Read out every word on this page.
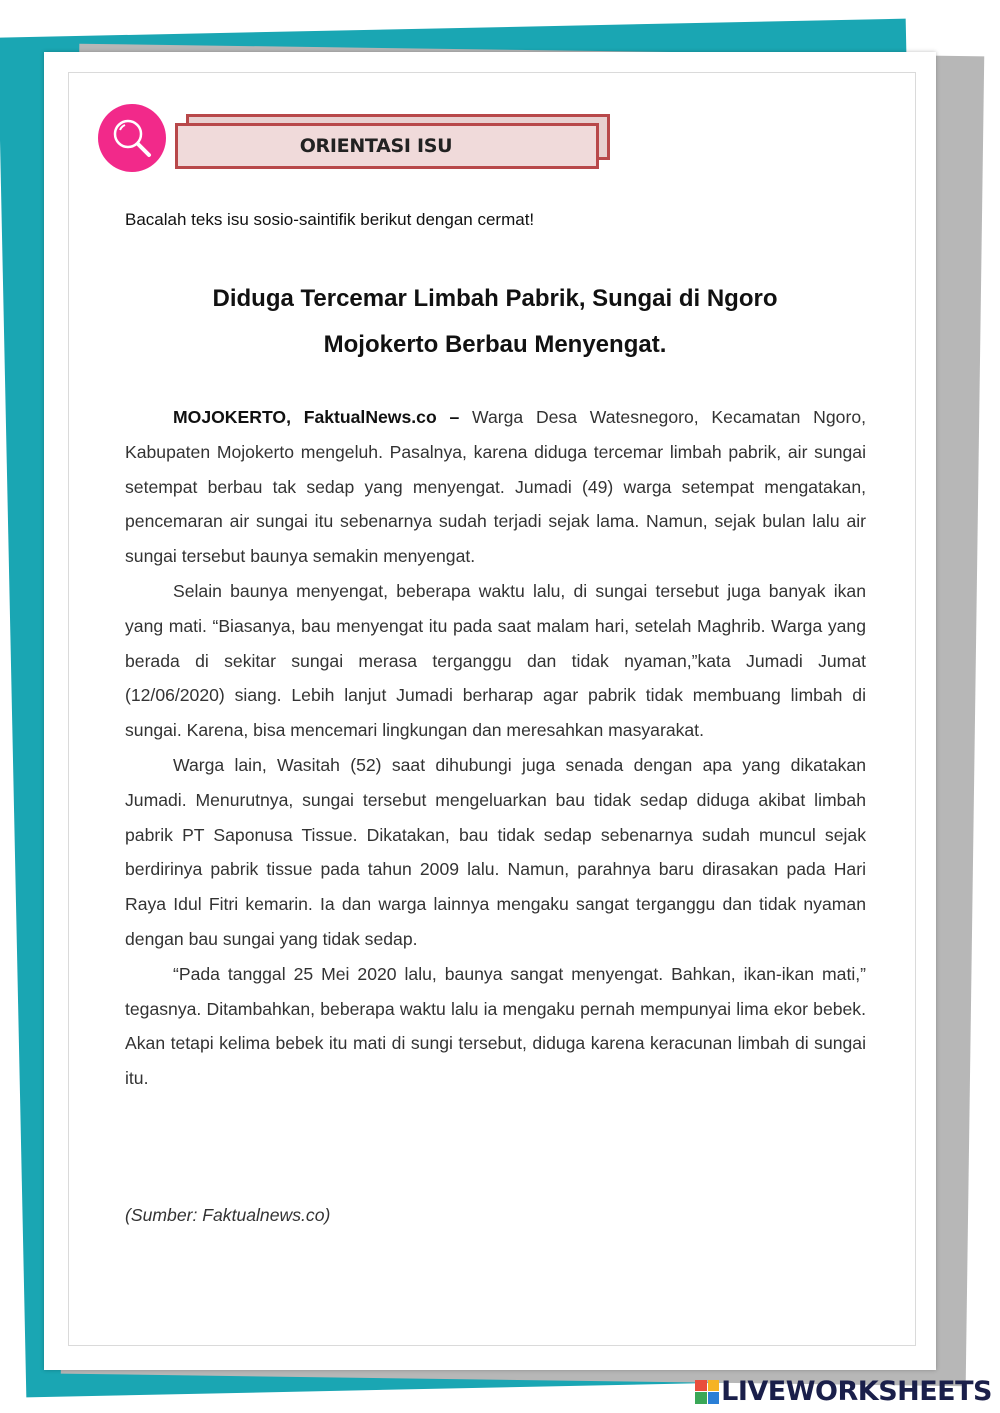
ORIENTASI ISU
Bacalah teks isu sosio-saintifik berikut dengan cermat!
Diduga Tercemar Limbah Pabrik, Sungai di Ngoro
Mojokerto Berbau Menyengat.

MOJOKERTO, FaktualNews.co – Warga Desa Watesnegoro, Kecamatan Ngoro, Kabupaten Mojokerto mengeluh. Pasalnya, karena diduga tercemar limbah pabrik, air sungai setempat berbau tak sedap yang menyengat. Jumadi (49) warga setempat mengatakan, pencemaran air sungai itu sebenarnya sudah terjadi sejak lama. Namun, sejak bulan lalu air sungai tersebut baunya semakin menyengat.

Selain baunya menyengat, beberapa waktu lalu, di sungai tersebut juga banyak ikan yang mati. “Biasanya, bau menyengat itu pada saat malam hari, setelah Maghrib. Warga yang berada di sekitar sungai merasa terganggu dan tidak nyaman,”kata Jumadi Jumat (12/06/2020) siang. Lebih lanjut Jumadi berharap agar pabrik tidak membuang limbah di sungai. Karena, bisa mencemari lingkungan dan meresahkan masyarakat.

Warga lain, Wasitah (52) saat dihubungi juga senada dengan apa yang dikatakan Jumadi. Menurutnya, sungai tersebut mengeluarkan bau tidak sedap diduga akibat limbah pabrik PT Saponusa Tissue. Dikatakan, bau tidak sedap sebenarnya sudah muncul sejak berdirinya pabrik tissue pada tahun 2009 lalu. Namun, parahnya baru dirasakan pada Hari Raya Idul Fitri kemarin. Ia dan warga lainnya mengaku sangat terganggu dan tidak nyaman dengan bau sungai yang tidak sedap.

“Pada tanggal 25 Mei 2020 lalu, baunya sangat menyengat. Bahkan, ikan-ikan mati,” tegasnya. Ditambahkan, beberapa waktu lalu ia mengaku pernah mempunyai lima ekor bebek. Akan tetapi kelima bebek itu mati di sungi tersebut, diduga karena keracunan limbah di sungai itu.

(Sumber: Faktualnews.co)
LIVEWORKSHEETS
